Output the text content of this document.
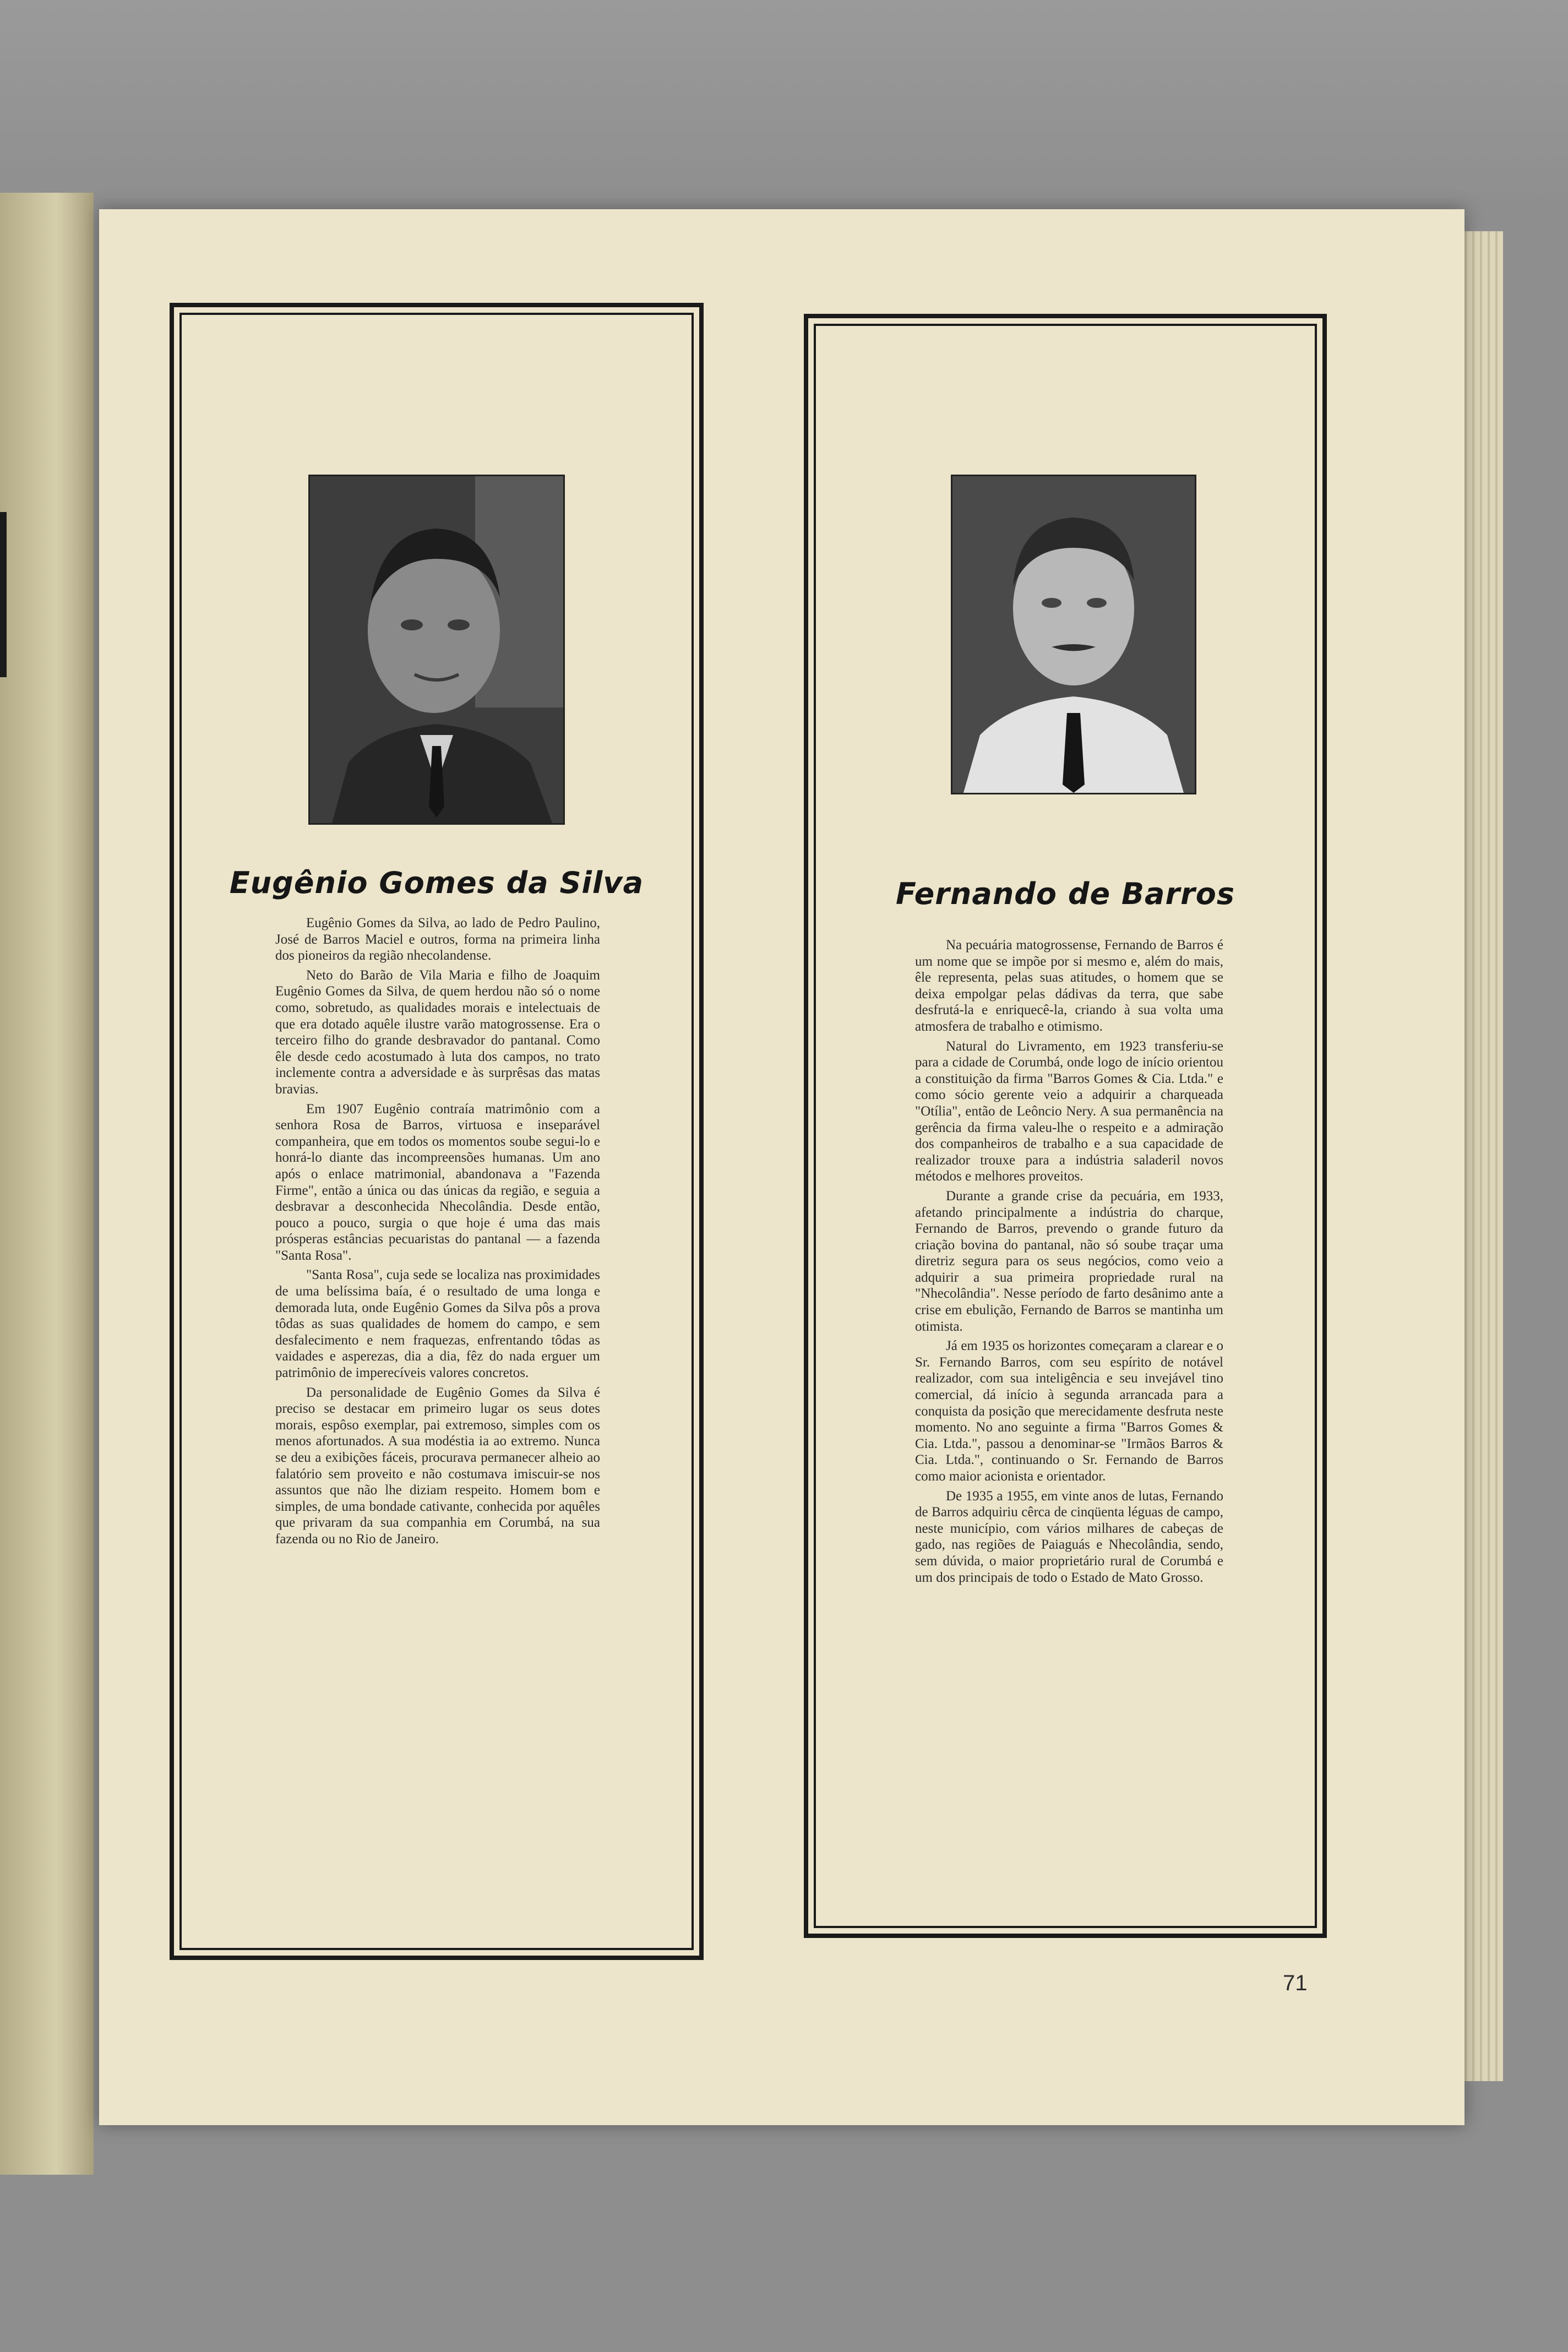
Eugênio Gomes da Silva

Eugênio Gomes da Silva, ao lado de Pedro Paulino, José de Barros Maciel e outros, forma na primeira linha dos pioneiros da região nhecolandense.

Neto do Barão de Vila Maria e filho de Joaquim Eugênio Gomes da Silva, de quem herdou não só o nome como, sobretudo, as qualidades morais e intelectuais de que era dotado aquêle ilustre varão matogrossense. Era o terceiro filho do grande desbravador do pantanal. Como êle desde cedo acostumado à luta dos campos, no trato inclemente contra a adversidade e às surprêsas das matas bravias.

Em 1907 Eugênio contraía matrimônio com a senhora Rosa de Barros, virtuosa e inseparável companheira, que em todos os momentos soube segui-lo e honrá-lo diante das incompreensões humanas. Um ano após o enlace matrimonial, abandonava a "Fazenda Firme", então a única ou das únicas da região, e seguia a desbravar a desconhecida Nhecolândia. Desde então, pouco a pouco, surgia o que hoje é uma das mais prósperas estâncias pecuaristas do pantanal — a fazenda "Santa Rosa".

"Santa Rosa", cuja sede se localiza nas proximidades de uma belíssima baía, é o resultado de uma longa e demorada luta, onde Eugênio Gomes da Silva pôs a prova tôdas as suas qualidades de homem do campo, e sem desfalecimento e nem fraquezas, enfrentando tôdas as vaidades e asperezas, dia a dia, fêz do nada erguer um patrimônio de imperecíveis valores concretos.

Da personalidade de Eugênio Gomes da Silva é preciso se destacar em primeiro lugar os seus dotes morais, espôso exemplar, pai extremoso, simples com os menos afortunados. A sua modéstia ia ao extremo. Nunca se deu a exibições fáceis, procurava permanecer alheio ao falatório sem proveito e não costumava imiscuir-se nos assuntos que não lhe diziam respeito. Homem bom e simples, de uma bondade cativante, conhecida por aquêles que privaram da sua companhia em Corumbá, na sua fazenda ou no Rio de Janeiro.

Fernando de Barros

Na pecuária matogrossense, Fernando de Barros é um nome que se impõe por si mesmo e, além do mais, êle representa, pelas suas atitudes, o homem que se deixa empolgar pelas dádivas da terra, que sabe desfrutá-la e enriquecê-la, criando à sua volta uma atmosfera de trabalho e otimismo.

Natural do Livramento, em 1923 transferiu-se para a cidade de Corumbá, onde logo de início orientou a constituição da firma "Barros Gomes & Cia. Ltda." e como sócio gerente veio a adquirir a charqueada "Otília", então de Leôncio Nery. A sua permanência na gerência da firma valeu-lhe o respeito e a admiração dos companheiros de trabalho e a sua capacidade de realizador trouxe para a indústria saladeril novos métodos e melhores proveitos.

Durante a grande crise da pecuária, em 1933, afetando principalmente a indústria do charque, Fernando de Barros, prevendo o grande futuro da criação bovina do pantanal, não só soube traçar uma diretriz segura para os seus negócios, como veio a adquirir a sua primeira propriedade rural na "Nhecolândia". Nesse período de farto desânimo ante a crise em ebulição, Fernando de Barros se mantinha um otimista.

Já em 1935 os horizontes começaram a clarear e o Sr. Fernando Barros, com seu espírito de notável realizador, com sua inteligência e seu invejável tino comercial, dá início à segunda arrancada para a conquista da posição que merecidamente desfruta neste momento. No ano seguinte a firma "Barros Gomes & Cia. Ltda.", passou a denominar-se "Irmãos Barros & Cia. Ltda.", continuando o Sr. Fernando de Barros como maior acionista e orientador.

De 1935 a 1955, em vinte anos de lutas, Fernando de Barros adquiriu cêrca de cinqüenta léguas de campo, neste município, com vários milhares de cabeças de gado, nas regiões de Paiaguás e Nhecolândia, sendo, sem dúvida, o maior proprietário rural de Corumbá e um dos principais de todo o Estado de Mato Grosso.

71
